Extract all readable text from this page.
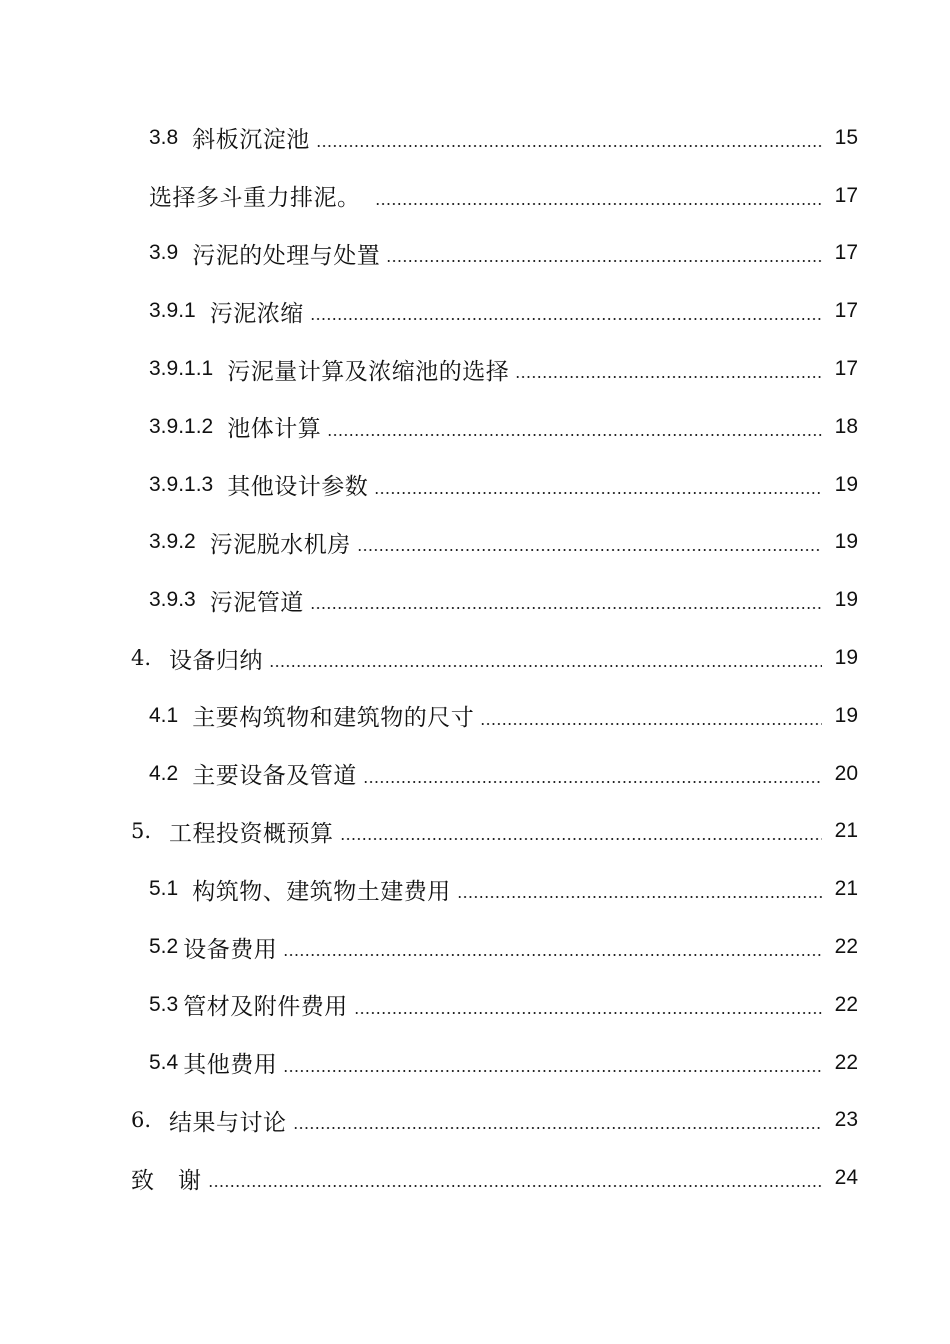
3.8 斜板沉淀池	15
选择多斗重力排泥。	17
3.9 污泥的处理与处置	17
3.9.1 污泥浓缩	17
3.9.1.1 污泥量计算及浓缩池的选择	17
3.9.1.2 池体计算	18
3.9.1.3 其他设计参数	19
3.9.2 污泥脱水机房	19
3.9.3 污泥管道	19
4. 设备归纳	19
4.1 主要构筑物和建筑物的尺寸	19
4.2 主要设备及管道	20
5. 工程投资概预算	21
5.1 构筑物、建筑物土建费用	21
5.2 设备费用	22
5.3 管材及附件费用	22
5.4 其他费用	22
6. 结果与讨论	23
致　谢	24
